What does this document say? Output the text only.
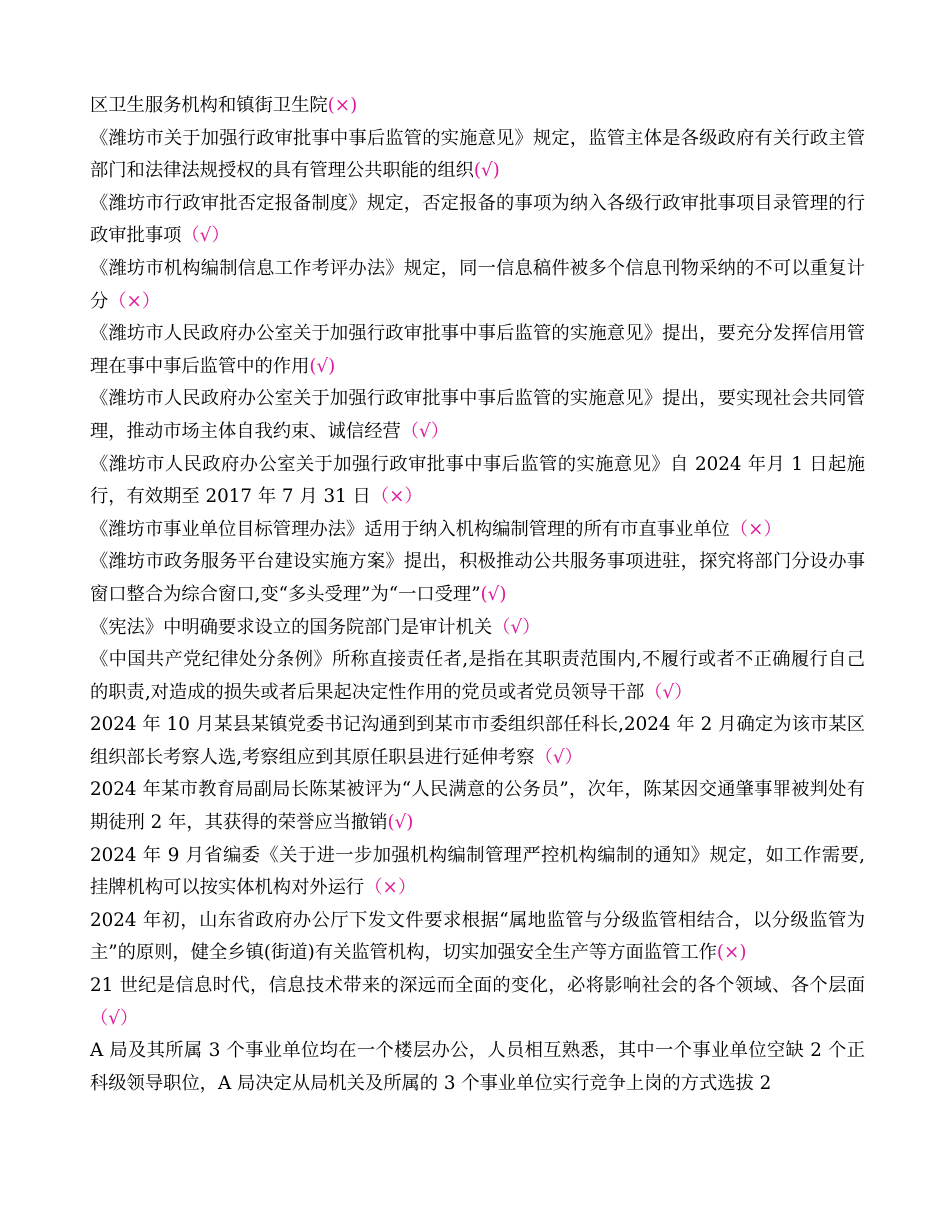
区卫生服务机构和镇街卫生院(×)

《潍坊市关于加强行政审批事中事后监管的实施意见》规定，监管主体是各级政府有关行政主管部门和法律法规授权的具有管理公共职能的组织(√)

《潍坊市行政审批否定报备制度》规定，否定报备的事项为纳入各级行政审批事项目录管理的行政审批事项（√）

《潍坊市机构编制信息工作考评办法》规定，同一信息稿件被多个信息刊物采纳的不可以重复计分（×）

《潍坊市人民政府办公室关于加强行政审批事中事后监管的实施意见》提出，要充分发挥信用管理在事中事后监管中的作用(√)

《潍坊市人民政府办公室关于加强行政审批事中事后监管的实施意见》提出，要实现社会共同管理，推动市场主体自我约束、诚信经营（√）

《潍坊市人民政府办公室关于加强行政审批事中事后监管的实施意见》自 2024 年月 1 日起施行，有效期至 2017 年 7 月 31 日（×）

《潍坊市事业单位目标管理办法》适用于纳入机构编制管理的所有市直事业单位（×）

《潍坊市政务服务平台建设实施方案》提出，积极推动公共服务事项进驻，探究将部门分设办事窗口整合为综合窗口,变“多头受理”为“一口受理”(√)

《宪法》中明确要求设立的国务院部门是审计机关（√）

《中国共产党纪律处分条例》所称直接责任者,是指在其职责范围内,不履行或者不正确履行自己的职责,对造成的损失或者后果起决定性作用的党员或者党员领导干部（√）

2024 年 10 月某县某镇党委书记沟通到到某市市委组织部任科长,2024 年 2 月确定为该市某区组织部长考察人选,考察组应到其原任职县进行延伸考察（√）

2024 年某市教育局副局长陈某被评为“人民满意的公务员”，次年，陈某因交通肇事罪被判处有期徒刑 2 年，其获得的荣誉应当撤销(√)

2024 年 9 月省编委《关于进一步加强机构编制管理严控机构编制的通知》规定，如工作需要,挂牌机构可以按实体机构对外运行（×）

2024 年初，山东省政府办公厅下发文件要求根据“属地监管与分级监管相结合，以分级监管为主”的原则，健全乡镇(街道)有关监管机构，切实加强安全生产等方面监管工作(×)

21 世纪是信息时代，信息技术带来的深远而全面的变化，必将影响社会的各个领域、各个层面（√）

A 局及其所属 3 个事业单位均在一个楼层办公，人员相互熟悉，其中一个事业单位空缺 2 个正科级领导职位，A 局决定从局机关及所属的 3 个事业单位实行竞争上岗的方式选拔 2
